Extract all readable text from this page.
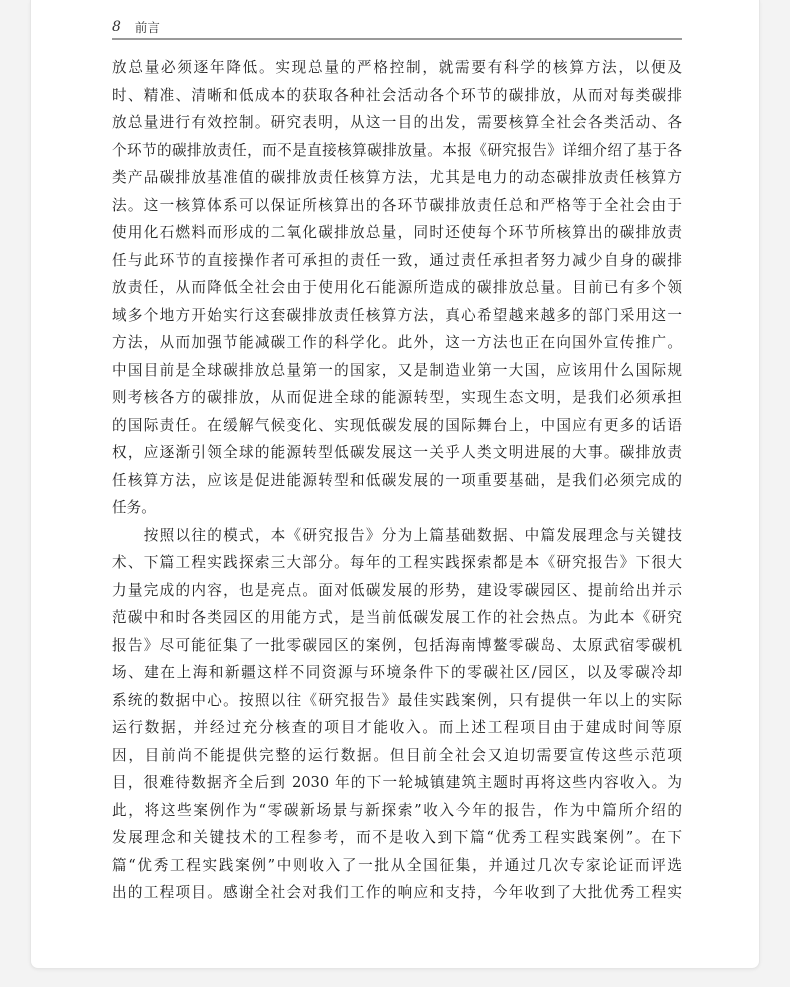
8 前言
放总量必须逐年降低。实现总量的严格控制，就需要有科学的核算方法，以便及
时、精准、清晰和低成本的获取各种社会活动各个环节的碳排放，从而对每类碳排
放总量进行有效控制。研究表明，从这一目的出发，需要核算全社会各类活动、各
个环节的碳排放责任，而不是直接核算碳排放量。本报《研究报告》详细介绍了基于各
类产品碳排放基准值的碳排放责任核算方法，尤其是电力的动态碳排放责任核算方
法。这一核算体系可以保证所核算出的各环节碳排放责任总和严格等于全社会由于
使用化石燃料而形成的二氧化碳排放总量，同时还使每个环节所核算出的碳排放责
任与此环节的直接操作者可承担的责任一致，通过责任承担者努力减少自身的碳排
放责任，从而降低全社会由于使用化石能源所造成的碳排放总量。目前已有多个领
域多个地方开始实行这套碳排放责任核算方法，真心希望越来越多的部门采用这一
方法，从而加强节能减碳工作的科学化。此外，这一方法也正在向国外宣传推广。
中国目前是全球碳排放总量第一的国家，又是制造业第一大国，应该用什么国际规
则考核各方的碳排放，从而促进全球的能源转型，实现生态文明，是我们必须承担
的国际责任。在缓解气候变化、实现低碳发展的国际舞台上，中国应有更多的话语
权，应逐渐引领全球的能源转型低碳发展这一关乎人类文明进展的大事。碳排放责
任核算方法，应该是促进能源转型和低碳发展的一项重要基础，是我们必须完成的
任务。
　　按照以往的模式，本《研究报告》分为上篇基础数据、中篇发展理念与关键技
术、下篇工程实践探索三大部分。每年的工程实践探索都是本《研究报告》下很大
力量完成的内容，也是亮点。面对低碳发展的形势，建设零碳园区、提前给出并示
范碳中和时各类园区的用能方式，是当前低碳发展工作的社会热点。为此本《研究
报告》尽可能征集了一批零碳园区的案例，包括海南博鳌零碳岛、太原武宿零碳机
场、建在上海和新疆这样不同资源与环境条件下的零碳社区/园区，以及零碳冷却
系统的数据中心。按照以往《研究报告》最佳实践案例，只有提供一年以上的实际
运行数据，并经过充分核查的项目才能收入。而上述工程项目由于建成时间等原
因，目前尚不能提供完整的运行数据。但目前全社会又迫切需要宣传这些示范项
目，很难待数据齐全后到 2030 年的下一轮城镇建筑主题时再将这些内容收入。为
此，将这些案例作为“零碳新场景与新探索”收入今年的报告，作为中篇所介绍的
发展理念和关键技术的工程参考，而不是收入到下篇“优秀工程实践案例”。在下
篇“优秀工程实践案例”中则收入了一批从全国征集，并通过几次专家论证而评选
出的工程项目。感谢全社会对我们工作的响应和支持，今年收到了大批优秀工程实
